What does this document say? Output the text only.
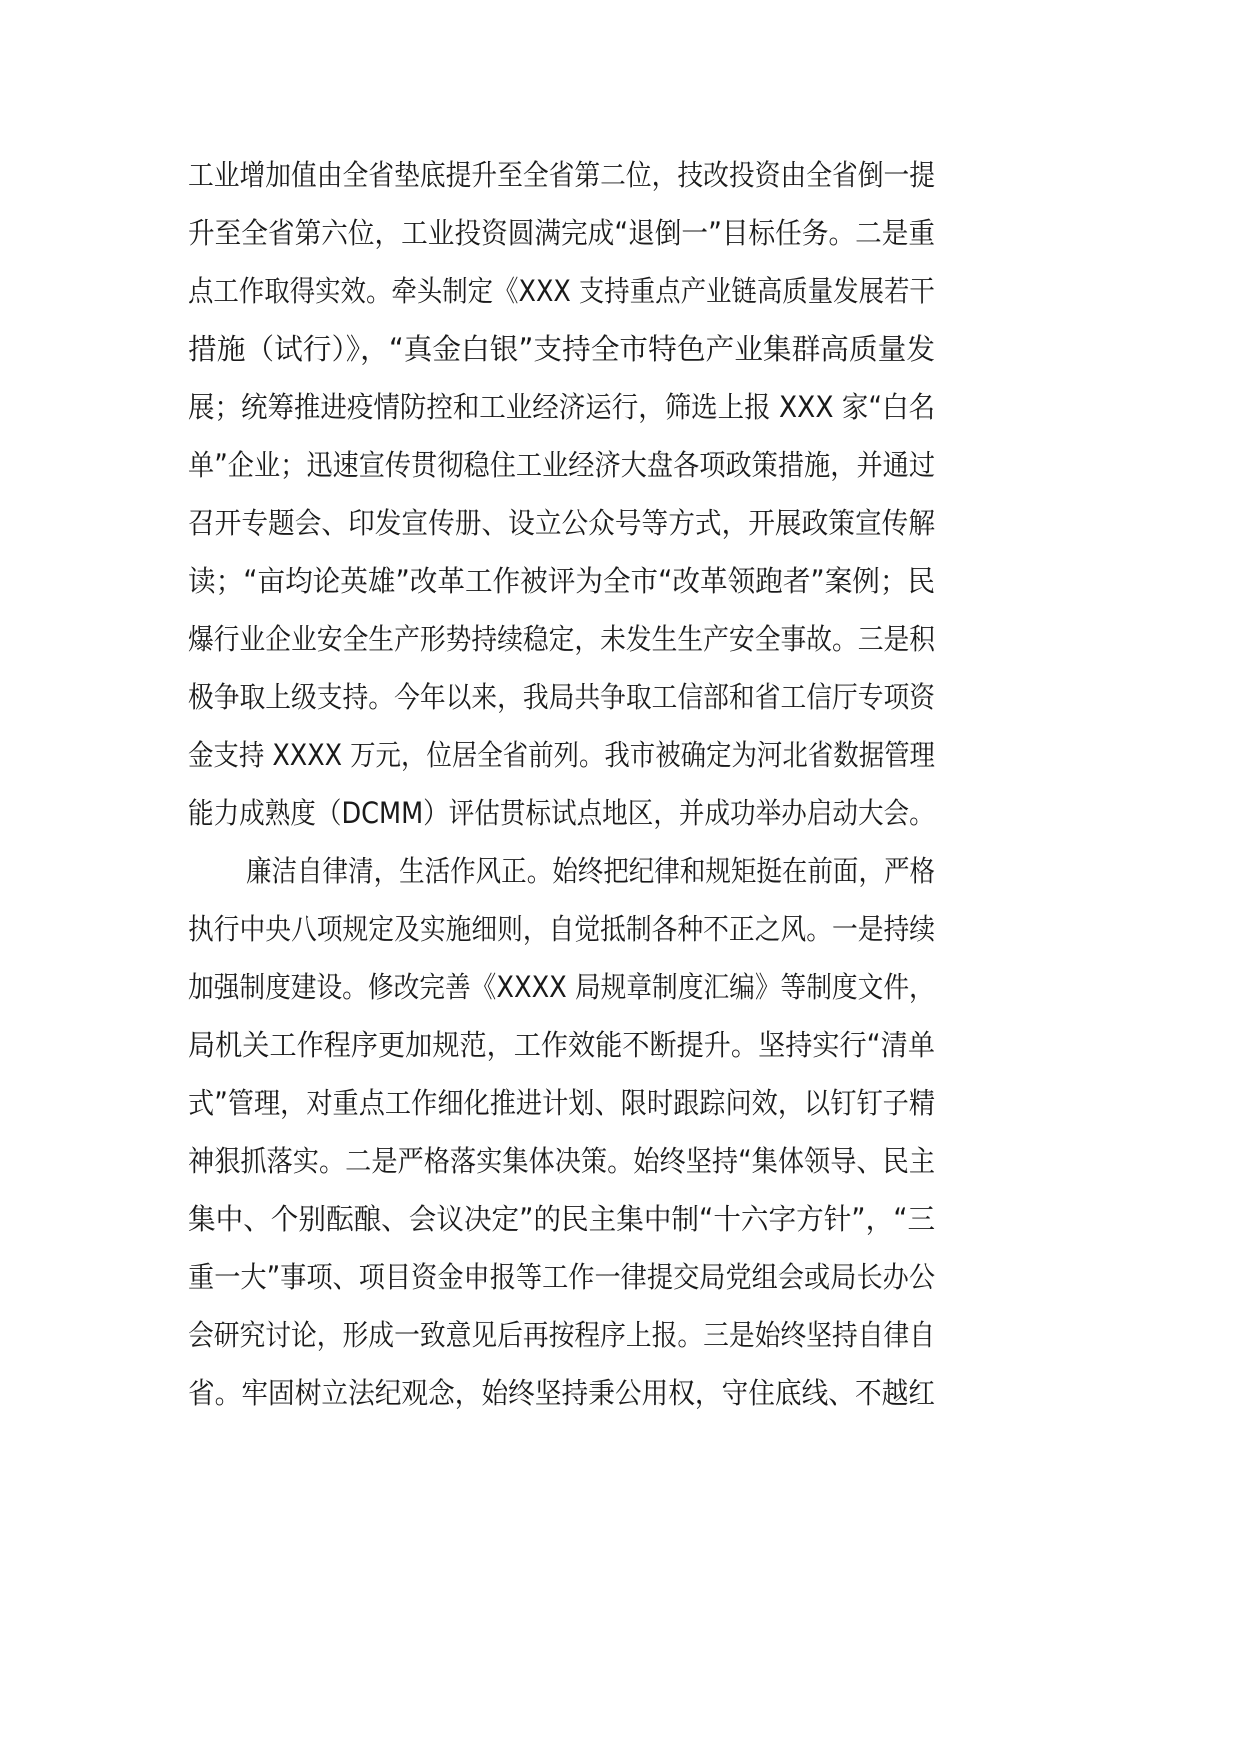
工业增加值由全省垫底提升至全省第二位，技改投资由全省倒一提
升至全省第六位，工业投资圆满完成“退倒一”目标任务。二是重
点工作取得实效。牵头制定《XXX 支持重点产业链高质量发展若干
措施（试行）》，“真金白银”支持全市特色产业集群高质量发
展；统筹推进疫情防控和工业经济运行，筛选上报 XXX 家“白名
单”企业；迅速宣传贯彻稳住工业经济大盘各项政策措施，并通过
召开专题会、印发宣传册、设立公众号等方式，开展政策宣传解
读；“亩均论英雄”改革工作被评为全市“改革领跑者”案例；民
爆行业企业安全生产形势持续稳定，未发生生产安全事故。三是积
极争取上级支持。今年以来，我局共争取工信部和省工信厅专项资
金支持 XXXX 万元，位居全省前列。我市被确定为河北省数据管理
能力成熟度（DCMM）评估贯标试点地区，并成功举办启动大会。
廉洁自律清，生活作风正。始终把纪律和规矩挺在前面，严格
执行中央八项规定及实施细则，自觉抵制各种不正之风。一是持续
加强制度建设。修改完善《XXXX 局规章制度汇编》等制度文件，
局机关工作程序更加规范，工作效能不断提升。坚持实行“清单
式”管理，对重点工作细化推进计划、限时跟踪问效，以钉钉子精
神狠抓落实。二是严格落实集体决策。始终坚持“集体领导、民主
集中、个别酝酿、会议决定”的民主集中制“十六字方针”，“三
重一大”事项、项目资金申报等工作一律提交局党组会或局长办公
会研究讨论，形成一致意见后再按程序上报。三是始终坚持自律自
省。牢固树立法纪观念，始终坚持秉公用权，守住底线、不越红
